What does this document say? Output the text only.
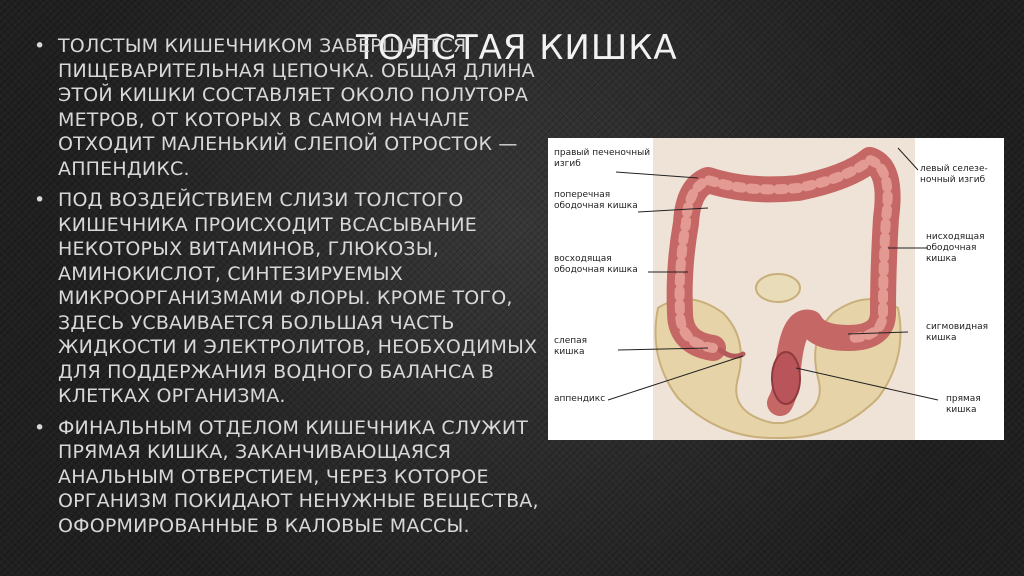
ТОЛСТАЯ КИШКА
• ТОЛСТЫМ КИШЕЧНИКОМ ЗАВЕРШАЕТСЯ ПИЩЕВАРИТЕЛЬНАЯ ЦЕПОЧКА. ОБЩАЯ ДЛИНА ЭТОЙ КИШКИ СОСТАВЛЯЕТ ОКОЛО ПОЛУТОРА МЕТРОВ, ОТ КОТОРЫХ В САМОМ НАЧАЛЕ ОТХОДИТ МАЛЕНЬКИЙ СЛЕПОЙ ОТРОСТОК — АППЕНДИКС.
• ПОД ВОЗДЕЙСТВИЕМ СЛИЗИ ТОЛСТОГО КИШЕЧНИКА ПРОИСХОДИТ ВСАСЫВАНИЕ НЕКОТОРЫХ ВИТАМИНОВ, ГЛЮКОЗЫ, АМИНОКИСЛОТ, СИНТЕЗИРУЕМЫХ МИКРООРГАНИЗМАМИ ФЛОРЫ. КРОМЕ ТОГО, ЗДЕСЬ УСВАИВАЕТСЯ БОЛЬШАЯ ЧАСТЬ ЖИДКОСТИ И ЭЛЕКТРОЛИТОВ, НЕОБХОДИМЫХ ДЛЯ ПОДДЕРЖАНИЯ ВОДНОГО БАЛАНСА В КЛЕТКАХ ОРГАНИЗМА.
• ФИНАЛЬНЫМ ОТДЕЛОМ КИШЕЧНИКА СЛУЖИТ ПРЯМАЯ КИШКА, ЗАКАНЧИВАЮЩАЯСЯ АНАЛЬНЫМ ОТВЕРСТИЕМ, ЧЕРЕЗ КОТОРОЕ ОРГАНИЗМ ПОКИДАЮТ НЕНУЖНЫЕ ВЕЩЕСТВА, ОФОРМИРОВАННЫЕ В КАЛОВЫЕ МАССЫ.
правый печеночный
изгиб
поперечная
ободочная кишка
восходящая
ободочная кишка
слепая
кишка
аппендикс
левый селезе-
ночный изгиб
нисходящая
ободочная
кишка
сигмовидная
кишка
прямая
кишка
